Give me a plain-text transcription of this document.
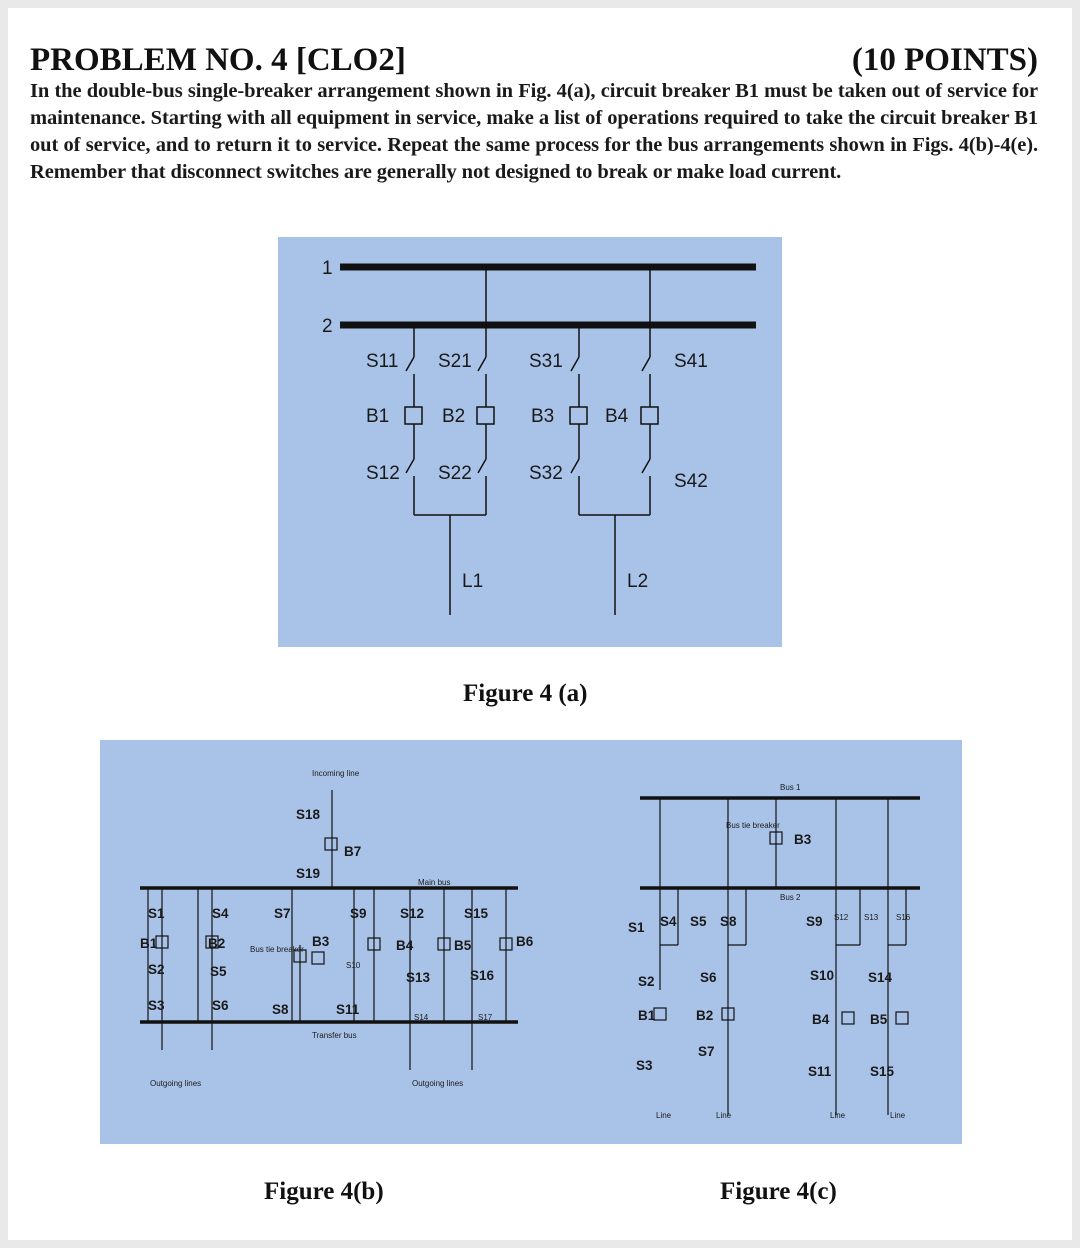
PROBLEM NO. 4 [CLO2]	(10 POINTS)
In the double-bus single-breaker arrangement shown in Fig. 4(a), circuit breaker B1 must be taken out of service for maintenance. Starting with all equipment in service, make a list of operations required to take the circuit breaker B1 out of service, and to return it to service. Repeat the same process for the bus arrangements shown in Figs. 4(b)-4(e). Remember that disconnect switches are generally not designed to break or make load current.
1
2
S11 S21	S31	S41
B1	B2	B3	B4
S12 S22	S32	S42
L1	L2
Figure 4 (a)
Incoming line
S18
B7
S19
Main bus
S1	S4	S7	S9 S12	S15
B1	B2	Bus tie breaker
B3	B4	B5	B6
S10
S2	S5	S13	S16
S3	S6	S8	S11
S14	S17
Transfer bus
Outgoing lines	Outgoing lines
Bus 1
Bus tie breaker
B3
Bus 2
S1 S4 S5 S8	S9 S12 S13 S16
S2	S6	S10	S14
B1	B2	B4	B5
S7
S3	S11	S15
Line	Line	Line	Line
Figure 4(b)	Figure 4(c)
